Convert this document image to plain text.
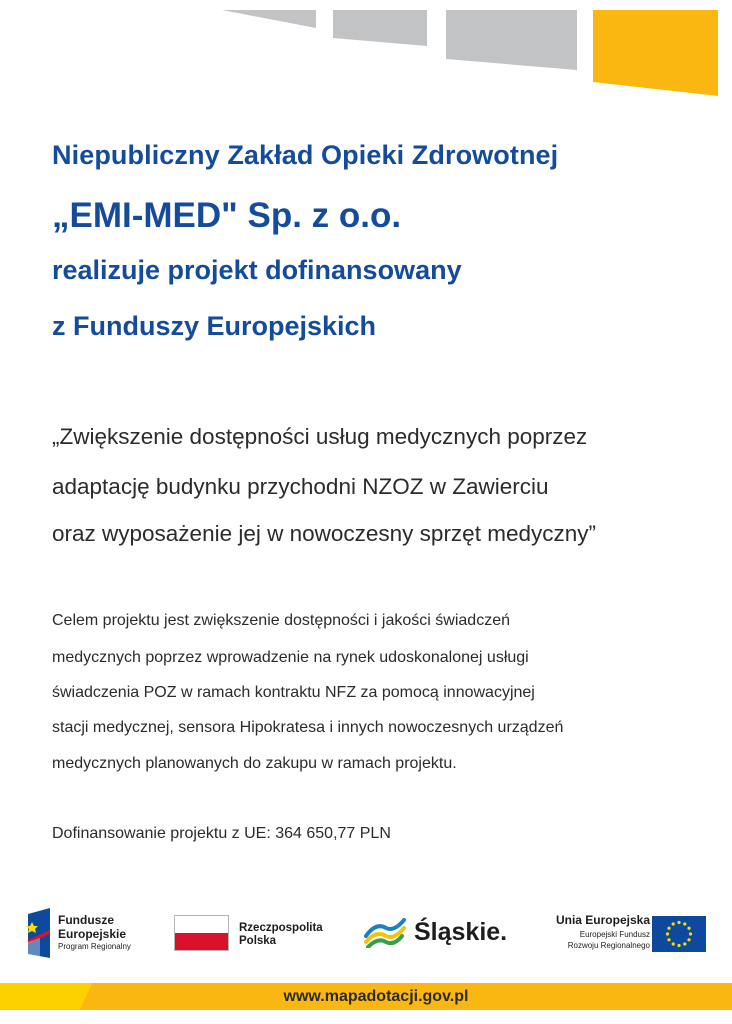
Niepubliczny Zakład Opieki Zdrowotnej
„EMI-MED" Sp. z o.o.
realizuje projekt dofinansowany
z Funduszy Europejskich
„Zwiększenie dostępności usług medycznych poprzez
adaptację budynku przychodni NZOZ w Zawierciu
oraz wyposażenie jej w nowoczesny sprzęt medyczny”
Celem projektu jest zwiększenie dostępności i jakości świadczeń
medycznych poprzez wprowadzenie na rynek udoskonalonej usługi
świadczenia POZ w ramach kontraktu NFZ za pomocą innowacyjnej
stacji medycznej, sensora Hipokratesa i innych nowoczesnych urządzeń
medycznych planowanych do zakupu w ramach projektu.
Dofinansowanie projektu z UE: 364 650,77 PLN
Fundusze
Europejskie
Program Regionalny
Rzeczpospolita
Polska	Śląskie.	Unia Europejska
Europejski Fundusz
Rozwoju Regionalnego
www.mapadotacji.gov.pl
